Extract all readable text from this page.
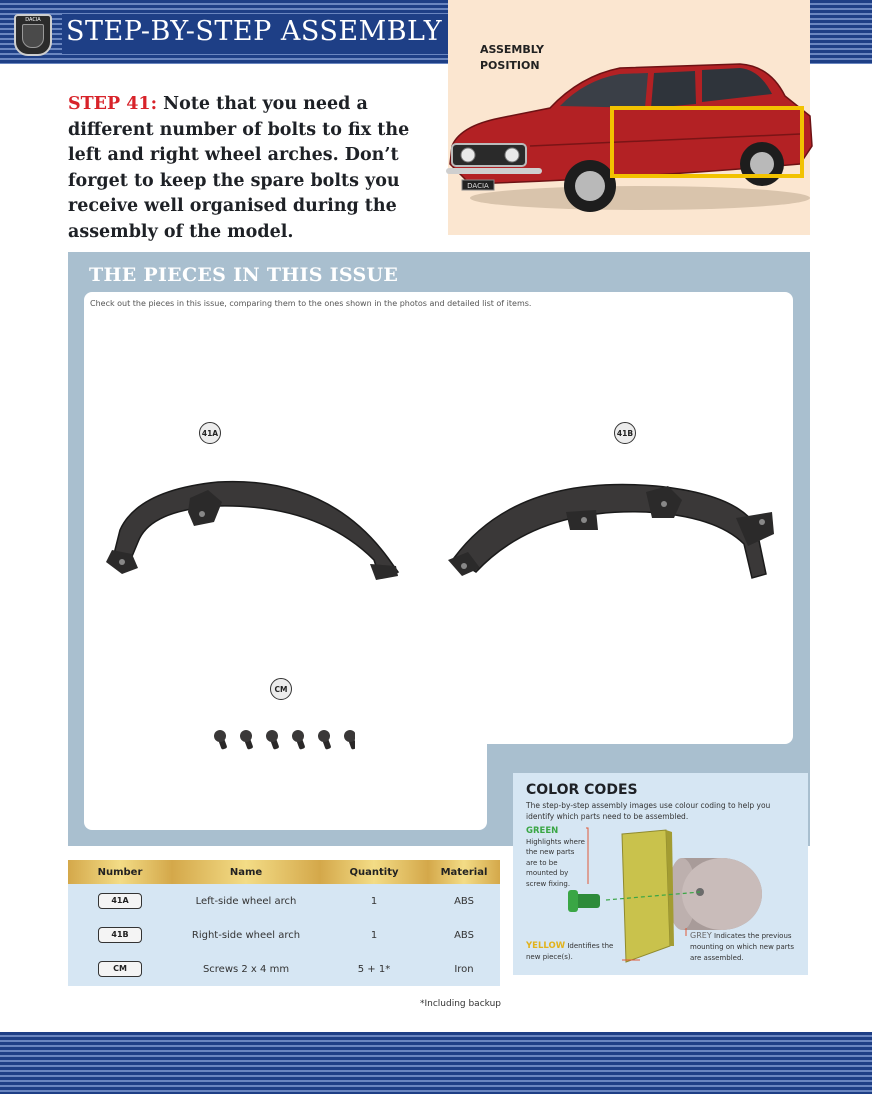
DACIA STEP-BY-STEP ASSEMBLY
ASSEMBLY POSITION
DACIA
STEP 41: Note that you need a different number of bolts to fix the left and right wheel arches. Don’t forget to keep the spare bolts you receive well organised during the assembly of the model.
THE PIECES IN THIS ISSUE
Check out the pieces in this issue, comparing them to the ones shown in the photos and detailed list of items.
41A	41B
CM
Number	Name	Quantity	Material
41A	Left-side wheel arch	1	ABS
41B	Right-side wheel arch	1	ABS
CM	Screws 2 x 4 mm	5 + 1*	Iron
*Including backup
COLOR CODES
The step-by-step assembly images use colour coding to help you identify which parts need to be assembled.
GREEN
Highlights where the new parts are to be mounted by screw fixing.
YELLOW Identifies the new piece(s).
GREY Indicates the previous mounting on which new parts are assembled.
